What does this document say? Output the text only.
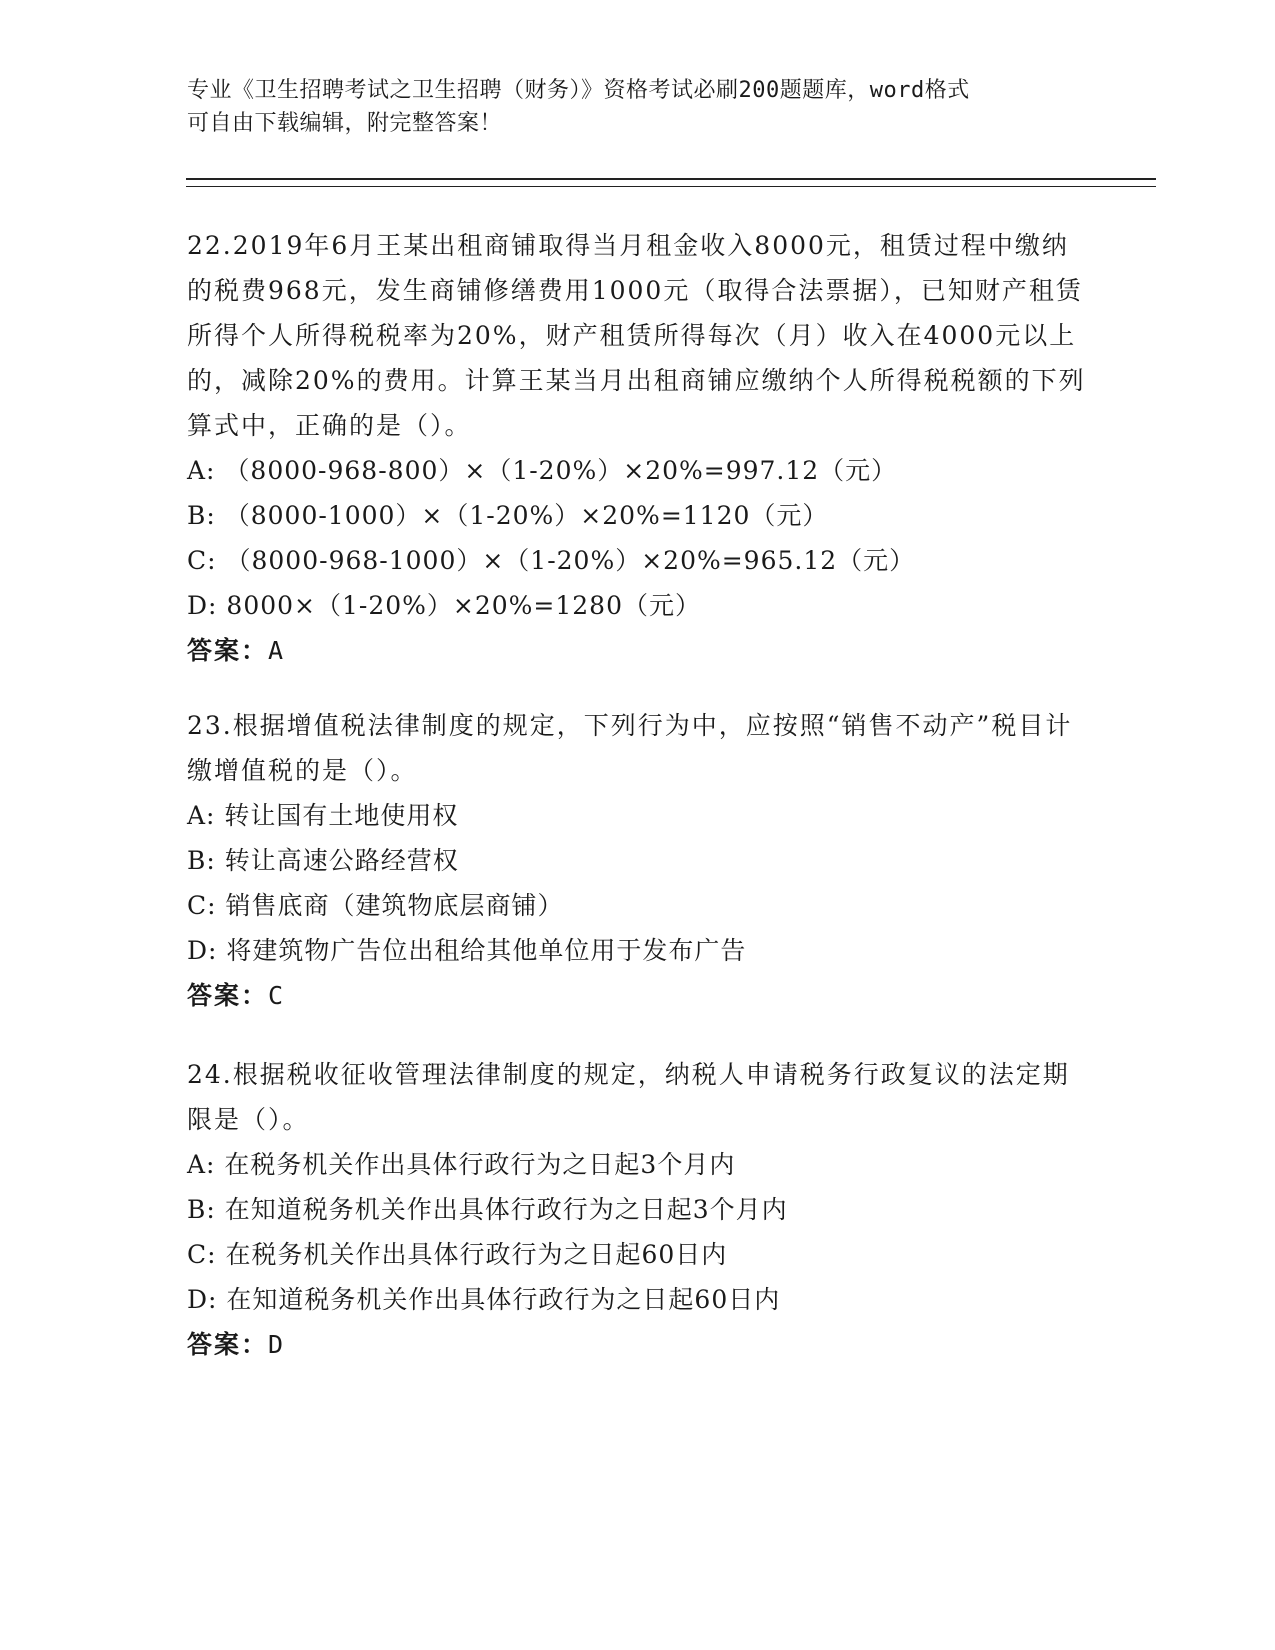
专业《卫生招聘考试之卫生招聘（财务）》资格考试必刷200题题库，word格式
可自由下载编辑，附完整答案！

22.2019年6月王某出租商铺取得当月租金收入8000元，租赁过程中缴纳的税费968元，发生商铺修缮费用1000元（取得合法票据），已知财产租赁所得个人所得税税率为20%，财产租赁所得每次（月）收入在4000元以上的，减除20%的费用。计算王某当月出租商铺应缴纳个人所得税税额的下列算式中，正确的是（）。

A: （8000-968-800）×（1-20%）×20%=997.12（元）

B: （8000-1000）×（1-20%）×20%=1120（元）

C: （8000-968-1000）×（1-20%）×20%=965.12（元）

D: 8000×（1-20%）×20%=1280（元）

答案：A

23.根据增值税法律制度的规定，下列行为中，应按照“销售不动产”税目计缴增值税的是（）。

A: 转让国有土地使用权

B: 转让高速公路经营权

C: 销售底商（建筑物底层商铺）

D: 将建筑物广告位出租给其他单位用于发布广告

答案：C

24.根据税收征收管理法律制度的规定，纳税人申请税务行政复议的法定期限是（）。

A: 在税务机关作出具体行政行为之日起3个月内

B: 在知道税务机关作出具体行政行为之日起3个月内

C: 在税务机关作出具体行政行为之日起60日内

D: 在知道税务机关作出具体行政行为之日起60日内

答案：D
